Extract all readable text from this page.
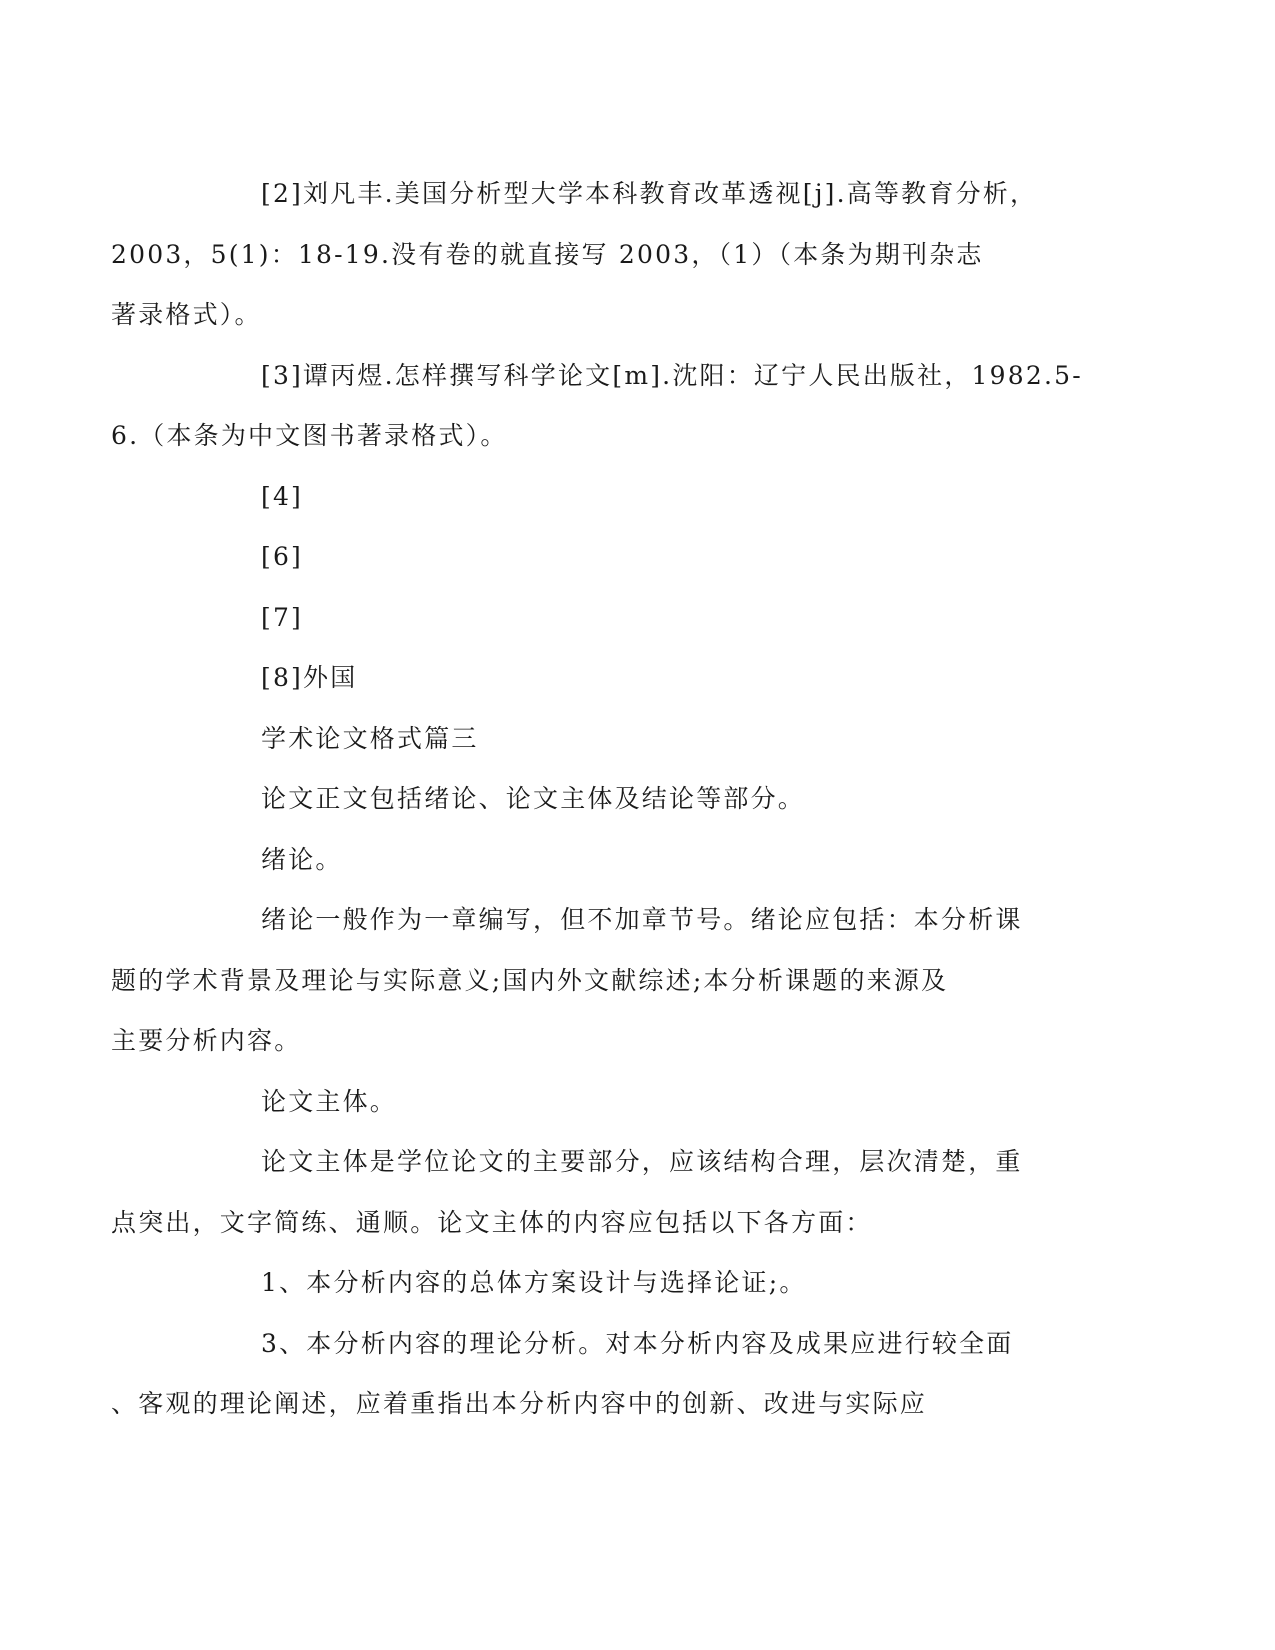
[2]刘凡丰.美国分析型大学本科教育改革透视[j].高等教育分析，
2003，5(1)：18-19.没有卷的就直接写 2003，（1）（本条为期刊杂志
著录格式）。

[3]谭丙煜.怎样撰写科学论文[m].沈阳：辽宁人民出版社，1982.5-
6.（本条为中文图书著录格式）。

[4]

[6]

[7]

[8]外国

学术论文格式篇三

论文正文包括绪论、论文主体及结论等部分。

绪论。

绪论一般作为一章编写，但不加章节号。绪论应包括：本分析课
题的学术背景及理论与实际意义;国内外文献综述;本分析课题的来源及
主要分析内容。

论文主体。

论文主体是学位论文的主要部分，应该结构合理，层次清楚，重
点突出，文字简练、通顺。论文主体的内容应包括以下各方面：

1、本分析内容的总体方案设计与选择论证;。

3、本分析内容的理论分析。对本分析内容及成果应进行较全面
、客观的理论阐述，应着重指出本分析内容中的创新、改进与实际应
